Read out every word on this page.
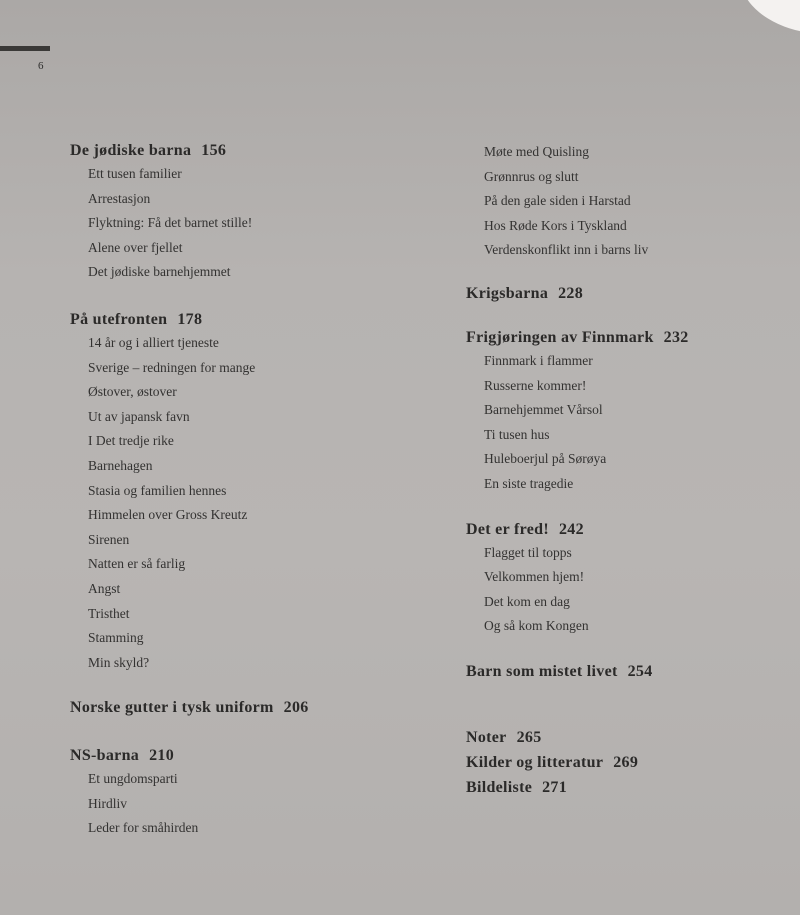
6
De jødiske barna 156
Ett tusen familier
Arrestasjon
Flyktning: Få det barnet stille!
Alene over fjellet
Det jødiske barnehjemmet
På utefronten 178
14 år og i alliert tjeneste
Sverige – redningen for mange
Østover, østover
Ut av japansk favn
I Det tredje rike
Barnehagen
Stasia og familien hennes
Himmelen over Gross Kreutz
Sirenen
Natten er så farlig
Angst
Tristhet
Stamming
Min skyld?
Norske gutter i tysk uniform 206
NS-barna 210
Et ungdomsparti
Hirdliv
Leder for småhirden
Møte med Quisling
Grønnrus og slutt
På den gale siden i Harstad
Hos Røde Kors i Tyskland
Verdenskonflikt inn i barns liv
Krigsbarna 228
Frigjøringen av Finnmark 232
Finnmark i flammer
Russerne kommer!
Barnehjemmet Vårsol
Ti tusen hus
Huleboerjul på Sørøya
En siste tragedie
Det er fred! 242
Flagget til topps
Velkommen hjem!
Det kom en dag
Og så kom Kongen
Barn som mistet livet 254
Noter 265
Kilder og litteratur 269
Bildeliste 271
